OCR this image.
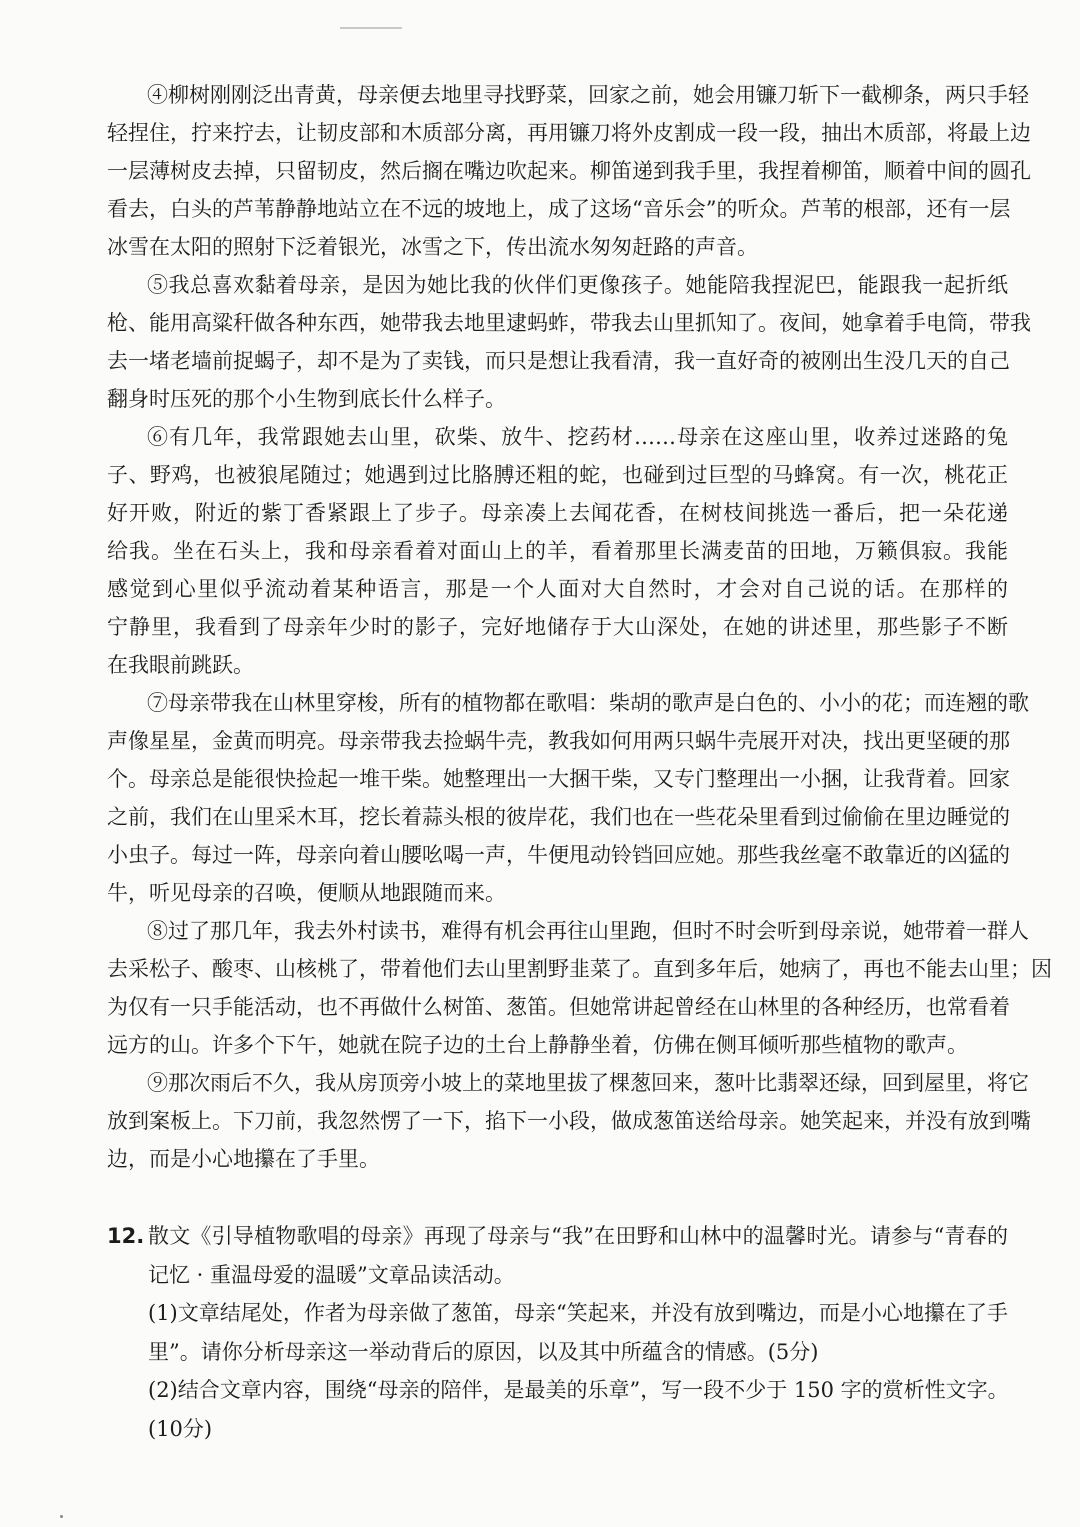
④柳树刚刚泛出青黄，母亲便去地里寻找野菜，回家之前，她会用镰刀斩下一截柳条，两只手轻
轻捏住，拧来拧去，让韧皮部和木质部分离，再用镰刀将外皮割成一段一段，抽出木质部，将最上边
一层薄树皮去掉，只留韧皮，然后搁在嘴边吹起来。柳笛递到我手里，我捏着柳笛，顺着中间的圆孔
看去，白头的芦苇静静地站立在不远的坡地上，成了这场“音乐会”的听众。芦苇的根部，还有一层
冰雪在太阳的照射下泛着银光，冰雪之下，传出流水匆匆赶路的声音。
⑤我总喜欢黏着母亲，是因为她比我的伙伴们更像孩子。她能陪我捏泥巴，能跟我一起折纸
枪、能用高粱秆做各种东西，她带我去地里逮蚂蚱，带我去山里抓知了。夜间，她拿着手电筒，带我
去一堵老墙前捉蝎子，却不是为了卖钱，而只是想让我看清，我一直好奇的被刚出生没几天的自己
翻身时压死的那个小生物到底长什么样子。
⑥有几年，我常跟她去山里，砍柴、放牛、挖药材……母亲在这座山里，收养过迷路的兔
子、野鸡，也被狼尾随过；她遇到过比胳膊还粗的蛇，也碰到过巨型的马蜂窝。有一次，桃花正
好开败，附近的紫丁香紧跟上了步子。母亲凑上去闻花香，在树枝间挑选一番后，把一朵花递
给我。坐在石头上，我和母亲看着对面山上的羊，看着那里长满麦苗的田地，万籁俱寂。我能
感觉到心里似乎流动着某种语言，那是一个人面对大自然时，才会对自己说的话。在那样的
宁静里，我看到了母亲年少时的影子，完好地储存于大山深处，在她的讲述里，那些影子不断
在我眼前跳跃。
⑦母亲带我在山林里穿梭，所有的植物都在歌唱：柴胡的歌声是白色的、小小的花；而连翘的歌
声像星星，金黄而明亮。母亲带我去捡蜗牛壳，教我如何用两只蜗牛壳展开对决，找出更坚硬的那
个。母亲总是能很快捡起一堆干柴。她整理出一大捆干柴，又专门整理出一小捆，让我背着。回家
之前，我们在山里采木耳，挖长着蒜头根的彼岸花，我们也在一些花朵里看到过偷偷在里边睡觉的
小虫子。每过一阵，母亲向着山腰吆喝一声，牛便甩动铃铛回应她。那些我丝毫不敢靠近的凶猛的
牛，听见母亲的召唤，便顺从地跟随而来。
⑧过了那几年，我去外村读书，难得有机会再往山里跑，但时不时会听到母亲说，她带着一群人
去采松子、酸枣、山核桃了，带着他们去山里割野韭菜了。直到多年后，她病了，再也不能去山里；因
为仅有一只手能活动，也不再做什么树笛、葱笛。但她常讲起曾经在山林里的各种经历，也常看着
远方的山。许多个下午，她就在院子边的土台上静静坐着，仿佛在侧耳倾听那些植物的歌声。
⑨那次雨后不久，我从房顶旁小坡上的菜地里拔了棵葱回来，葱叶比翡翠还绿，回到屋里，将它
放到案板上。下刀前，我忽然愣了一下，掐下一小段，做成葱笛送给母亲。她笑起来，并没有放到嘴
边，而是小心地攥在了手里。
12. 散文《引导植物歌唱的母亲》再现了母亲与“我”在田野和山林中的温馨时光。请参与“青春的
记忆 · 重温母爱的温暖”文章品读活动。
(1)文章结尾处，作者为母亲做了葱笛，母亲“笑起来，并没有放到嘴边，而是小心地攥在了手
里”。请你分析母亲这一举动背后的原因，以及其中所蕴含的情感。(5分)
(2)结合文章内容，围绕“母亲的陪伴，是最美的乐章”，写一段不少于 150 字的赏析性文字。
(10分)
